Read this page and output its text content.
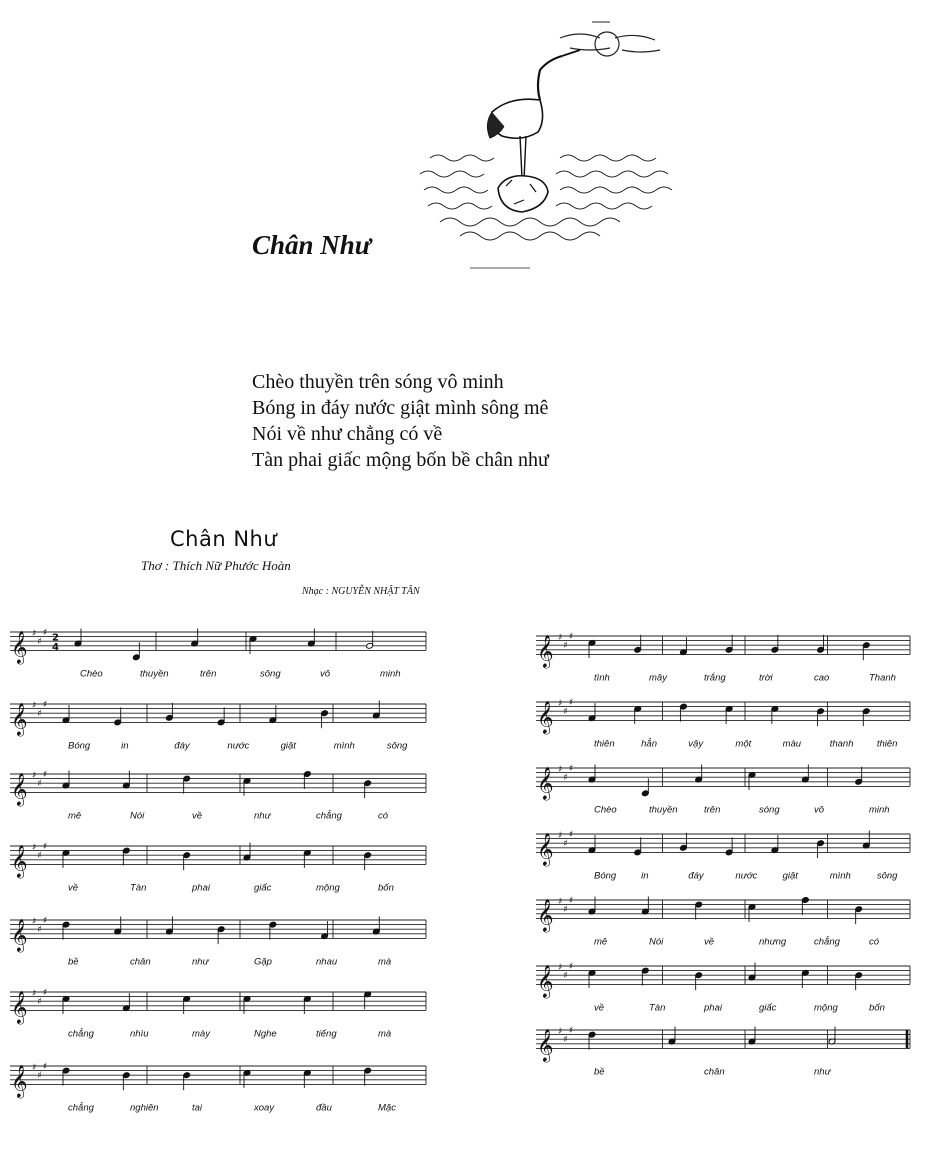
Chân Như
Chèo thuyền trên sóng vô minh
Bóng in đáy nước giật mình sông mê
Nói về như chẳng có về
Tàn phai giấc mộng bốn bề chân như
Chân Như
Thơ : Thích Nữ Phước Hoàn
Nhạc : NGUYỄN NHẬT TÂN
𝄞 ♯
♯
♯ 2
4
Chèo	thuyền	trên	sông	vô	minh
𝄞 ♯
♯
♯
Bóng	in	đáy	nước	giật	mình	sông
𝄞 ♯
♯
♯
mê	Nói	về	như	chẳng	có
𝄞 ♯
♯
♯
về	Tàn	phai	giấc	mộng	bốn
𝄞 ♯
♯
♯
bề	chân	như	Gặp	nhau	mà
𝄞 ♯
♯
♯
chẳng	nhìu	mày	Nghe	tiếng	mà
𝄞 ♯
♯
♯
chẳng	nghiên	tai	xoay	đầu	Mặc
𝄞 ♯
♯
♯
tình	mây	trắng	trời	cao	Thanh
𝄞 ♯
♯
♯
thiên	hẳn	vậy	một	màu	thanh thiên
𝄞 ♯
♯
♯
Chèo	thuyền	trên	sóng	vô	minh
𝄞 ♯
♯
♯
Bóng	in	đáy	nước	giật	mình	sông
𝄞 ♯
♯
♯
mê	Nói	về	nhưng	chẳng	có
𝄞 ♯
♯
♯
về	Tàn	phai	giấc	mộng	bốn
𝄞 ♯
♯
♯
bề	chân	như
